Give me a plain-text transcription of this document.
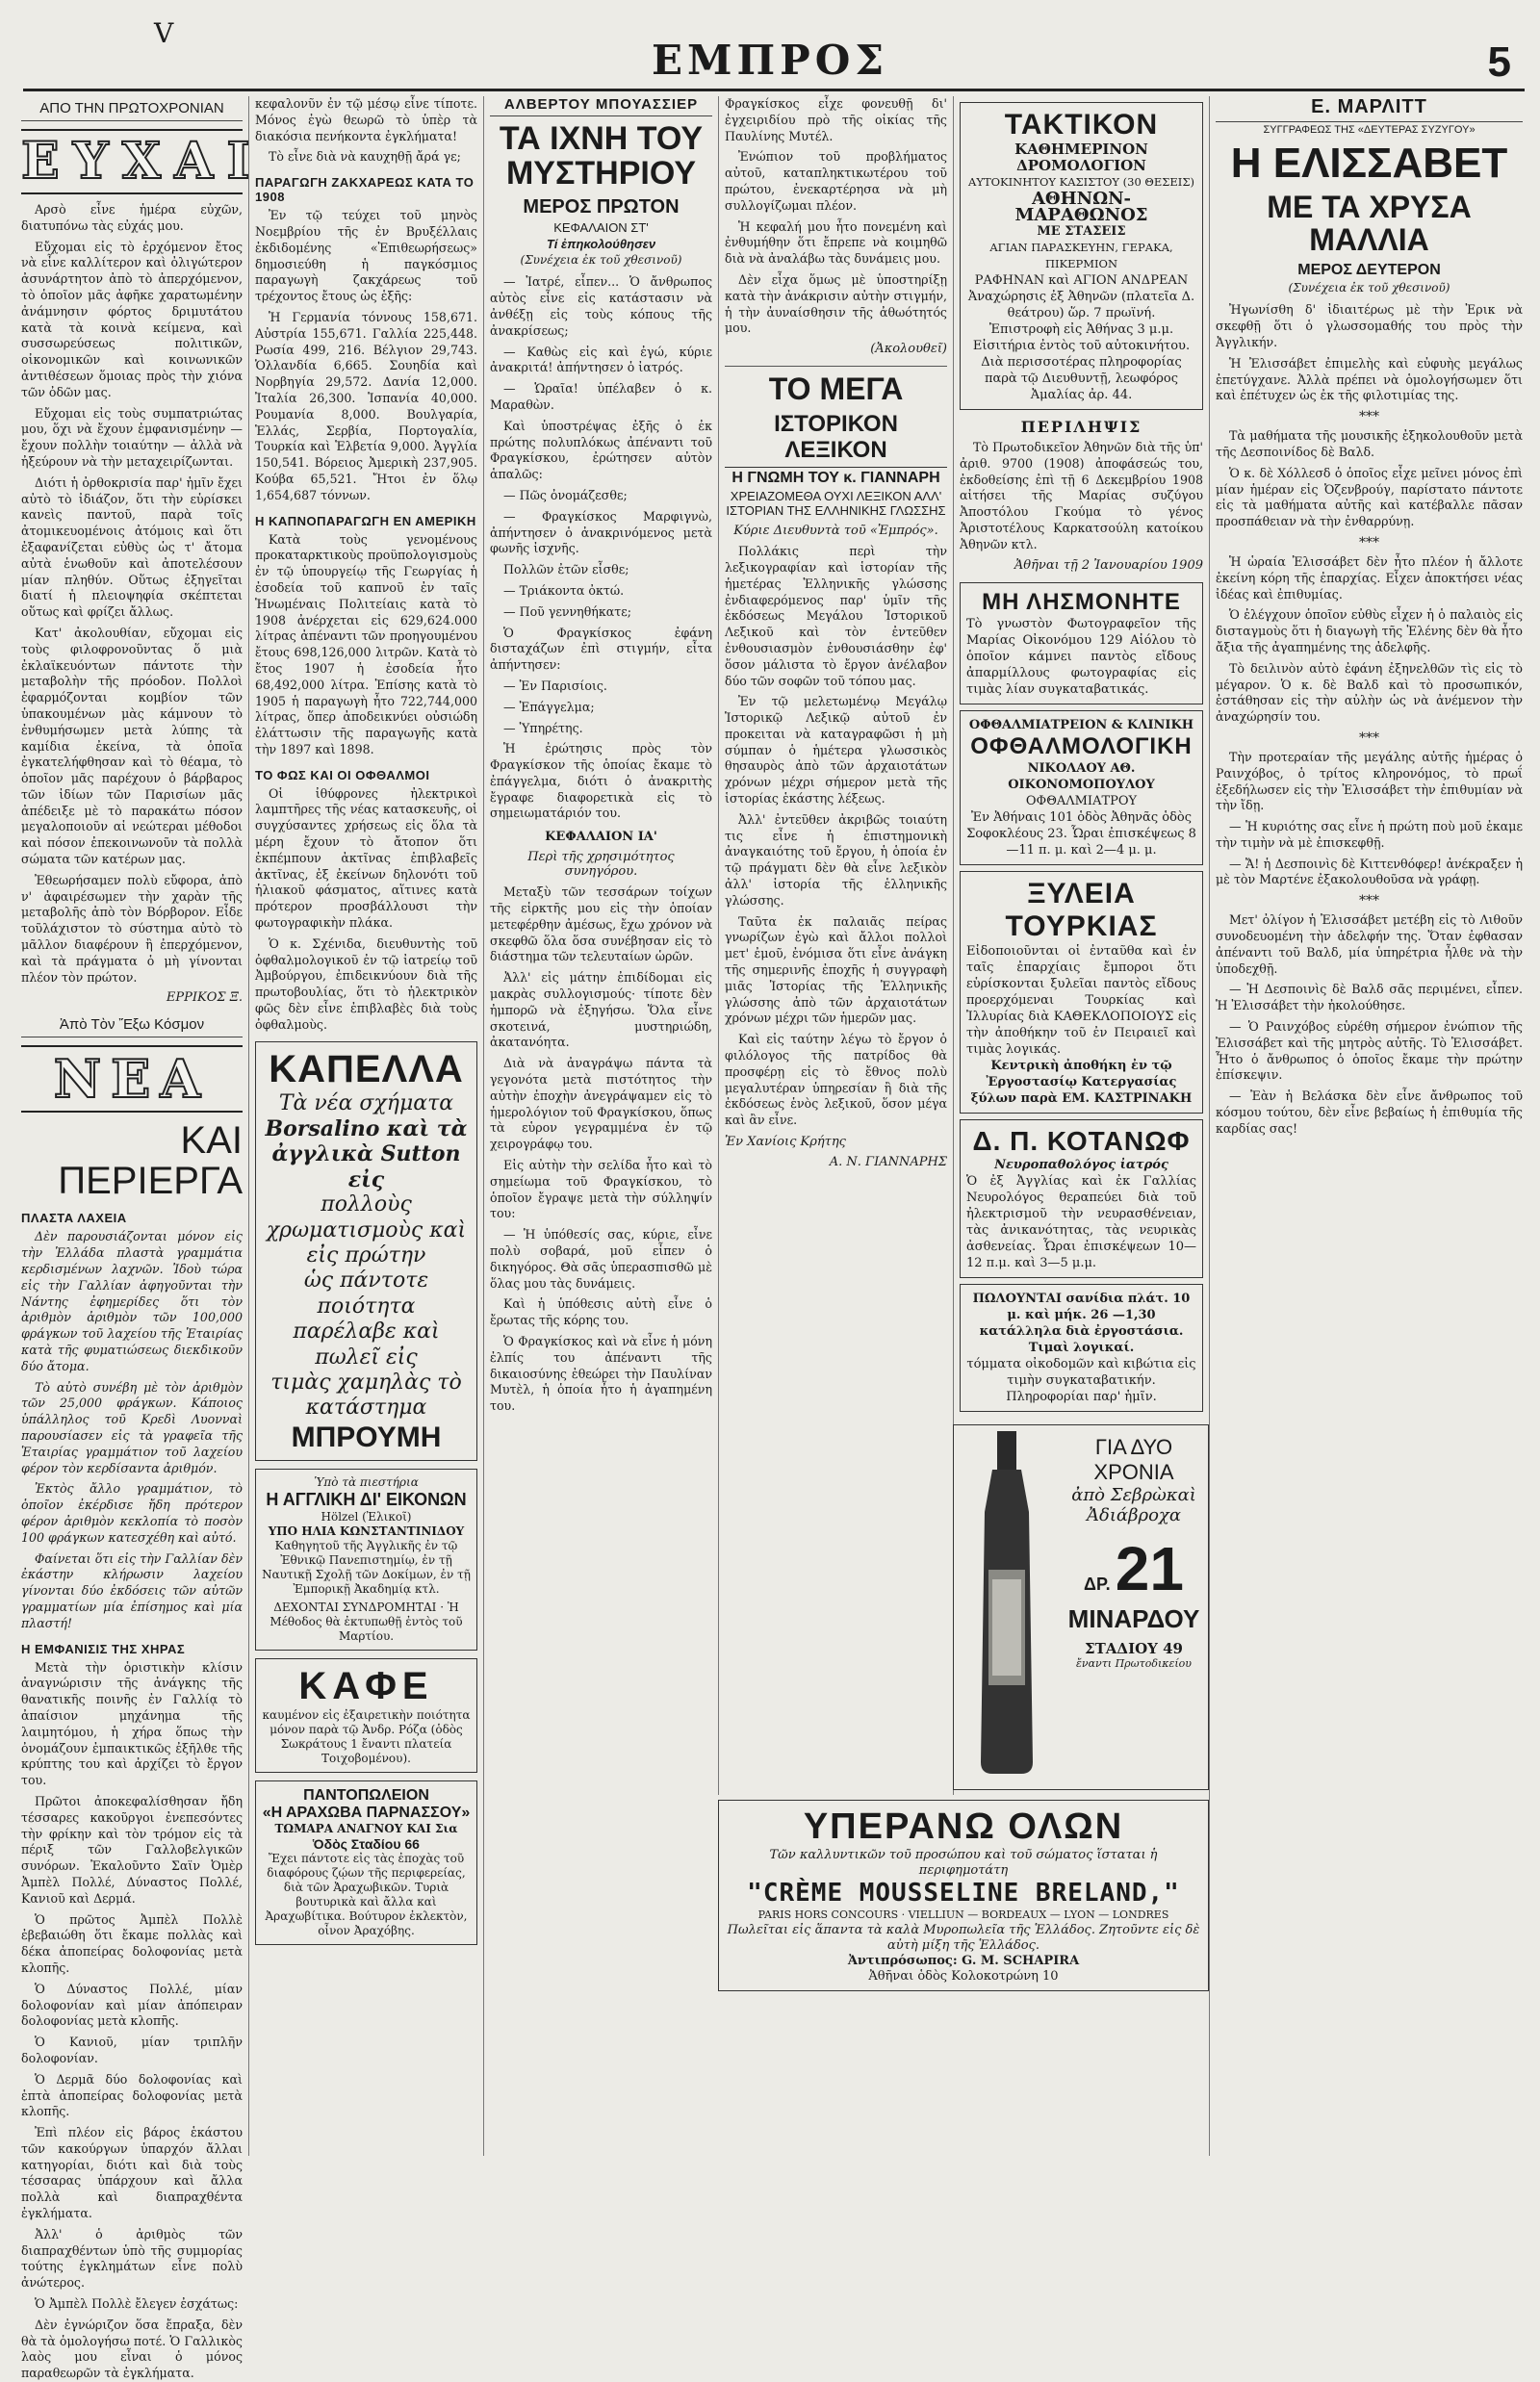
V
ΕΜΠΡΟΣ	5
ΑΠΟ ΤΗΝ ΠΡΩΤΟΧΡΟΝΙΑΝ
ΕΥΧΑΙ

Αρσὸ εἶνε ἡμέρα εὐχῶν, διατυπόνω τὰς εὐχάς μου.

Εὔχομαι εἰς τὸ ἐρχόμενον ἔτος νὰ εἶνε καλλίτερον καὶ ὀλιγώτερον ἀσυνάρτητον ἀπὸ τὸ ἀπερχόμενον, τὸ ὁποῖον μᾶς ἀφῆκε χαρατωμένην ἀνάμνησιν φόρτος δριμυτάτου κατὰ τὰ κοινὰ κείμενα, καὶ συσσωρεύσεως πολιτικῶν, οἰκονομικῶν καὶ κοινωνικῶν ἀντιθέσεων ὅμοιας πρὸς τὴν χιόνα τῶν ὀδῶν μας.

Εὔχομαι εἰς τοὺς συμπατριώτας μου, ὅχι νὰ ἔχουν ἐμφανισμένην — ἔχουν πολλὴν τοιαύτην — ἀλλὰ νὰ ἠξεύρουν νὰ τὴν μεταχειρίζωνται.

Διότι ἡ ὀρθοκρισία παρ' ἡμῖν ἔχει αὐτὸ τὸ ἰδιάζον, ὅτι τὴν εὑρίσκει κανεὶς παντοῦ, παρὰ τοῖς ἀτομικευομένοις ἀτόμοις καὶ ὅτι ἐξαφανίζεται εὐθὺς ὡς τ' ἄτομα αὐτὰ ἑνωθοῦν καὶ ἀποτελέσουν μίαν πληθύν. Οὕτως ἐξηγεῖται διατί ἡ πλειοψηφία σκέπτεται οὕτως καὶ φρίζει ἄλλως.

Κατ' ἀκολουθίαν, εὔχομαι εἰς τοὺς φιλοφρονοῦντας ὅ μιὰ ἐκλαϊκευόντων πάντοτε τὴν μεταβολὴν τῆς πρόοδον. Πολλοὶ ἐφαρμόζονται κομβίον τῶν ὑπακουμένων μὰς κάμνουν τὸ ἐνθυμήσωμεν μετὰ λύπης τὰ καμίδια ἐκείνα, τὰ ὁποῖα ἐγκατελήφθησαν καὶ τὸ θέαμα, τὸ ὁποῖον μᾶς παρέχουν ὁ βάρβαρος τῶν ἰδίων τῶν Παρισίων μᾶς ἀπέδειξε μὲ τὸ παρακάτω πόσον μεγαλοποιοῦν αἱ νεώτεραι μέθοδοι καὶ πόσον ἐπεκοινωνοῦν τὰ πολλὰ σώματα τῶν κατέρων μας.

Ἐθεωρήσαμεν πολὺ εὔφορα, ἀπὸ ν' ἀφαιρέσωμεν τὴν χαρὰν τῆς μεταβολῆς ἀπὸ τὸν Βόρβορον. Εἶδε τοῦλάχιστον τὸ σύστημα αὐτὸ τὸ μᾶλλον διαφέρουν ἢ ἐπερχόμενον, καὶ τὰ πράγματα ὁ μὴ γίνονται πλέον τὸν πρώτον.

ΕΡΡΙΚΟΣ Ξ.
Ἀπὸ Τὸν Ἔξω Κόσμον
ΝΕΑ
ΚΑΙ ΠΕΡΙΕΡΓΑ
ΠΛΑΣΤΑ ΛΑΧΕΙΑ

Δὲν παρουσιάζονται μόνον εἰς τὴν Ἑλλάδα πλαστὰ γραμμάτια κερδισμένων λαχνῶν. Ἰδοὺ τώρα εἰς τὴν Γαλλίαν ἀφηγοῦνται τὴν Νάντης ἐφημερίδες ὅτι τὸν ἀριθμὸν ἀριθμὸν τῶν 100,000 φράγκων τοῦ λαχείου τῆς Ἑταιρίας κατὰ τῆς φυματιώσεως διεκδικοῦν δύο ἄτομα.

Τὸ αὐτὸ συνέβη μὲ τὸν ἀριθμὸν τῶν 25,000 φράγκων. Κάποιος ὑπάλληλος τοῦ Κρεδὶ Λυονναὶ παρουσίασεν εἰς τὰ γραφεῖα τῆς Ἑταιρίας γραμμάτιον τοῦ λαχείου φέρον τὸν κερδίσαντα ἀριθμόν.

Ἐκτὸς ἄλλο γραμμάτιον, τὸ ὁποῖον ἐκέρδισε ἤδη πρότερον φέρον ἀριθμὸν κεκλοπία τὸ ποσὸν 100 φράγκων κατεσχέθη καὶ αὐτό.

Φαίνεται ὅτι εἰς τὴν Γαλλίαν δὲν ἐκάστην κλήρωσιν λαχείου γίνονται δύο ἐκδόσεις τῶν αὐτῶν γραμματίων μία ἐπίσημος καὶ μία πλαστή!

Η ΕΜΦΑΝΙΣΙΣ ΤΗΣ ΧΗΡΑΣ

Μετὰ τὴν ὁριστικὴν κλίσιν ἀναγνώρισιν τῆς ἀνάγκης τῆς θανατικῆς ποινῆς ἐν Γαλλίᾳ τὸ ἀπαίσιον μηχάνημα τῆς λαιμητόμου, ἡ χήρα ὅπως τὴν ὀνομάζουν ἐμπαικτικῶς ἐξῆλθε τῆς κρύπτης του καὶ ἀρχίζει τὸ ἔργον του.

Πρῶτοι ἀποκεφαλίσθησαν ἤδη τέσσαρες κακοῦργοι ἐνεπεσόντες τὴν φρίκην καὶ τὸν τρόμον εἰς τὰ πέριξ τῶν Γαλλοβελγικῶν συνόρων. Ἐκαλοῦντο Σαϊν Ὀμὲρ Ἀμπὲλ Πολλέ, Δύναστος Πολλέ, Κανιοῦ καὶ Δερμά.

Ὁ πρῶτος Ἀμπὲλ Πολλὲ ἐβεβαιώθη ὅτι ἔκαμε πολλὰς καὶ δέκα ἀποπείρας δολοφονίας μετὰ κλοπῆς.

Ὁ Δύναστος Πολλέ, μίαν δολοφονίαν καὶ μίαν ἀπόπειραν δολοφονίας μετὰ κλοπῆς.

Ὁ Κανιοῦ, μίαν τριπλῆν δολοφονίαν.

Ὁ Δερμᾶ δύο δολοφονίας καὶ ἑπτὰ ἀποπείρας δολοφονίας μετὰ κλοπῆς.

Ἐπὶ πλέον εἰς βάρος ἑκάστου τῶν κακούργων ὑπαρχόν ἄλλαι κατηγορίαι, διότι καὶ διὰ τοὺς τέσσαρας ὑπάρχουν καὶ ἄλλα πολλὰ καὶ διαπραχθέντα ἐγκλήματα.

Ἀλλ' ὁ ἀριθμὸς τῶν διαπραχθέντων ὑπὸ τῆς συμμορίας τούτης ἐγκλημάτων εἶνε πολὺ ἀνώτερος.

Ὁ Ἀμπὲλ Πολλὲ ἔλεγεν ἐσχάτως:

Δὲν ἐγνώριζον ὅσα ἔπραξα, δὲν θὰ τὰ ὁμολογήσω ποτέ. Ὁ Γαλλικὸς λαὸς μου εἶναι ὁ μόνος παραθεωρῶν τὰ ἐγκλήματα.

κεφαλονῦν ἐν τῷ μέσῳ εἶνε τίποτε. Μόνος ἐγὼ θεωρῶ τὸ ὑπὲρ τὰ διακόσια πενήκοντα ἐγκλήματα!

Τὸ εἶνε διὰ νὰ καυχηθῇ ἄρά γε;

ΠΑΡΑΓΩΓΗ ΖΑΚΧΑΡΕΩΣ ΚΑΤΑ ΤΟ 1908

Ἐν τῷ τεύχει τοῦ μηνὸς Νοεμβρίου τῆς ἐν Βρυξέλλαις ἐκδιδομένης «Ἐπιθεωρήσεως» δημοσιεύθη ἡ παγκόσμιος παραγωγὴ ζακχάρεως τοῦ τρέχοντος ἔτους ὡς ἑξῆς:

Ἡ Γερμανία τόννους 158,671. Αὐστρία 155,671. Γαλλία 225,448. Ρωσία 499, 216. Βέλγιον 29,743. Ὁλλανδία 6,665. Σουηδία καὶ Νορβηγία 29,572. Δανία 12,000. Ἰταλία 26,300. Ἱσπανία 40,000. Ρουμανία 8,000. Βουλγαρία, Ἑλλάς, Σερβία, Πορτογαλία, Τουρκία καὶ Ἑλβετία 9,000. Ἀγγλία 150,541. Βόρειος Ἀμερικὴ 237,905. Κούβα 65,521. Ἤτοι ἐν ὅλῳ 1,654,687 τόννων.

Η ΚΑΠΝΟΠΑΡΑΓΩΓΗ ΕΝ ΑΜΕΡΙΚΗ

Κατὰ τοὺς γενομένους προκαταρκτικοὺς προϋπολογισμοὺς ἐν τῷ ὑπουργείῳ τῆς Γεωργίας ἡ ἐσοδεία τοῦ καπνοῦ ἐν ταῖς Ἡνωμέναις Πολιτείαις κατὰ τὸ 1908 ἀνέρχεται εἰς 629,624.000 λίτρας ἀπέναντι τῶν προηγουμένου ἔτους 698,126,000 λιτρῶν. Κατὰ τὸ ἔτος 1907 ἡ ἐσοδεία ἦτο 68,492,000 λίτρα. Ἐπίσης κατὰ τὸ 1905 ἡ παραγωγὴ ἦτο 722,744,000 λίτρας, ὅπερ ἀποδεικνύει οὐσιώδη ἐλάττωσιν τῆς παραγωγῆς κατὰ τὴν 1897 καὶ 1898.

ΤΟ ΦΩΣ ΚΑΙ ΟΙ ΟΦΘΑΛΜΟΙ

Οἱ ἰθύφρονες ἠλεκτρικοὶ λαμπτῆρες τῆς νέας κατασκευῆς, οἱ συγχύσαντες χρήσεως εἰς ὅλα τὰ μέρη ἔχουν τὸ ἄτοπον ὅτι ἐκπέμπουν ἀκτῖνας ἐπιβλαβεῖς ἀκτῖνας, ἐξ ἐκείνων δηλονότι τοῦ ἡλιακοῦ φάσματος, αἵτινες κατὰ πρότερον προσβάλλουσι τὴν φωτογραφικὴν πλάκα.

Ὁ κ. Σχένιδα, διευθυντὴς τοῦ ὀφθαλμολογικοῦ ἐν τῷ ἰατρείῳ τοῦ Ἀμβούργου, ἐπιδεικνύουν διὰ τῆς πρωτοβουλίας, ὅτι τὸ ἡλεκτρικὸν φῶς δὲν εἶνε ἐπιβλαβὲς διὰ τοὺς ὀφθαλμοὺς.

ΚΑΠΕΛΛΑ
Τὰ νέα σχήματα
Borsalino καὶ τὰ
ἀγγλικὰ Sutton εἰς
πολλοὺς χρωματισμοὺς καὶ εἰς πρώτην
ὡς πάντοτε ποιότητα
παρέλαβε καὶ πωλεῖ εἰς
τιμὰς χαμηλὰς τὸ κατάστημα
ΜΠΡΟΥΜΗ
Ὑπὸ τὰ πιεστήρια
Η ΑΓΓΛΙΚΗ ΔΙ' ΕΙΚΟΝΩΝ
Hölzel (Ἐλικοῖ)
ΥΠΟ ΗΛΙΑ ΚΩΝΣΤΑΝΤΙΝΙΔΟΥ
Καθηγητοῦ τῆς Ἀγγλικῆς ἐν τῷ Ἐθνικῷ Πανεπιστημίῳ, ἐν τῇ Ναυτικῇ Σχολῇ τῶν Δοκίμων, ἐν τῇ Ἐμπορικῇ Ἀκαδημίᾳ κτλ.
ΔΕΧΟΝΤΑΙ ΣΥΝΔΡΟΜΗΤΑΙ · Ἡ Μέθοδος θὰ ἐκτυπωθῇ ἐντὸς τοῦ Μαρτίου.
ΚΑΦΕ
καυμένον εἰς ἐξαιρετικὴν ποιότητα μόνον παρὰ τῷ Ἀνδρ. Ρόζα (ὁδὸς Σωκράτους 1 ἔναντι πλατεία Τοιχοβομένου).
ΠΑΝΤΟΠΩΛΕΙΟΝ
«Η ΑΡΑΧΩΒΑ ΠΑΡΝΑΣΣΟΥ»
ΤΩΜΑΡΑ ΑΝΑΓΝΟΥ ΚΑΙ Σια
Ὁδὸς Σταδίου 66
Ἔχει πάντοτε εἰς τὰς ἐποχὰς τοῦ διαφόρους ζῴων τῆς περιφερείας, διὰ τῶν Ἀραχωβικῶν. Τυριὰ βουτυρικὰ καὶ ἄλλα καὶ Ἀραχωβίτικα. Βούτυρον ἐκλεκτὸν, οἶνον Ἀραχόβης.
ΑΛΒΕΡΤΟΥ ΜΠΟΥΑΣΣΙΕΡ
ΤΑ ΙΧΝΗ ΤΟΥ ΜΥΣΤΗΡΙΟΥ
ΜΕΡΟΣ ΠΡΩΤΟΝ
ΚΕΦΑΛΑΙΟΝ ΣΤ'
Τί ἐπηκολούθησεν
(Συνέχεια ἐκ τοῦ χθεσινοῦ)

— Ἰατρέ, εἶπεν... Ὁ ἄνθρωπος αὐτὸς εἶνε εἰς κατάστασιν νὰ ἀνθέξῃ εἰς τοὺς κόπους τῆς ἀνακρίσεως;

— Καθὼς εἰς καὶ ἐγώ, κύριε ἀνακριτά! ἀπήντησεν ὁ ἰατρός.

— Ὡραῖα! ὑπέλαβεν ὁ κ. Μαραθὼν.

Καὶ ὑποστρέψας ἐξῆς ὁ ἐκ πρώτης πολυπλόκως ἀπέναντι τοῦ Φραγκίσκου, ἐρώτησεν αὐτὸν ἁπαλῶς:

— Πῶς ὀνομάζεσθε;

— Φραγκίσκος Μαρφιγνὼ, ἀπήντησεν ὁ ἀνακρινόμενος μετὰ φωνῆς ἰσχνῆς.

Πολλῶν ἐτῶν εἶσθε;

— Τριάκοντα ὀκτώ.

— Ποῦ γεννηθήκατε;

Ὁ Φραγκίσκος ἐφάνη δισταχάζων ἐπὶ στιγμήν, εἶτα ἀπήντησεν:

— Ἐν Παρισίοις.

— Ἐπάγγελμα;

— Ὑπηρέτης.

Ἡ ἐρώτησις πρὸς τὸν Φραγκίσκον τῆς ὁποίας ἔκαμε τὸ ἐπάγγελμα, διότι ὁ ἀνακριτὴς ἔγραφε διαφορετικὰ εἰς τὸ σημειωματάριόν του.

ΚΕΦΑΛΑΙΟΝ ΙΑ'
Περὶ τῆς χρησιμότητος συνηγόρου.

Μεταξὺ τῶν τεσσάρων τοίχων τῆς εἱρκτῆς μου εἰς τὴν ὁποίαν μετεφέρθην ἀμέσως, ἔχω χρόνον νὰ σκεφθῶ ὅλα ὅσα συνέβησαν εἰς τὸ διάστημα τῶν τελευταίων ὡρῶν.

Ἀλλ' εἰς μάτην ἐπιδίδομαι εἰς μακρὰς συλλογισμούς· τίποτε δὲν ἠμπορῶ νὰ ἐξηγήσω. Ὅλα εἶνε σκοτεινά, μυστηριώδη, ἀκατανόητα.

Διὰ νὰ ἀναγράψω πάντα τὰ γεγονότα μετὰ πιστότητος τὴν αὐτὴν ἐποχὴν ἀνεγράψαμεν εἰς τὸ ἡμερολόγιον τοῦ Φραγκίσκου, ὅπως τὰ εὑρον γεγραμμένα ἐν τῷ χειρογράφῳ του.

Εἰς αὐτὴν τὴν σελίδα ἦτο καὶ τὸ σημείωμα τοῦ Φραγκίσκου, τὸ ὁποῖον ἔγραψε μετὰ τὴν σύλληψίν του:

— Ἡ ὑπόθεσίς σας, κύριε, εἶνε πολὺ σοβαρά, μοῦ εἶπεν ὁ δικηγόρος. Θὰ σᾶς ὑπερασπισθῶ μὲ ὅλας μου τὰς δυνάμεις.

Καὶ ἡ ὑπόθεσις αὐτὴ εἶνε ὁ ἔρωτας τῆς κόρης του.

Ὁ Φραγκίσκος καὶ νὰ εἶνε ἡ μόνη ἐλπίς του ἀπέναντι τῆς δικαιοσύνης ἐθεώρει τὴν Παυλίναν Μυτὲλ, ἡ ὁποία ἦτο ἡ ἀγαπημένη του.

Φραγκίσκος εἶχε φονευθῇ δι' ἐγχειριδίου πρὸ τῆς οἰκίας τῆς Παυλίνης Μυτέλ.

Ἐνώπιον τοῦ προβλήματος αὐτοῦ, καταπληκτικωτέρου τοῦ πρώτου, ἐνεκαρτέρησα νὰ μὴ συλλογίζωμαι πλέον.

Ἡ κεφαλή μου ἦτο πονεμένη καὶ ἐνθυμήθην ὅτι ἔπρεπε νὰ κοιμηθῶ διὰ νὰ ἀναλάβω τὰς δυνάμεις μου.

Δὲν εἶχα ὅμως μὲ ὑποστηρίξῃ κατὰ τὴν ἀνάκρισιν αὐτὴν στιγμήν, ἡ τὴν ἀυναίσθησιν τῆς ἀθωότητός μου.

(Ἀκολουθεῖ)
ΤΟ ΜΕΓΑ
ΙΣΤΟΡΙΚΟΝ ΛΕΞΙΚΟΝ
Η ΓΝΩΜΗ ΤΟΥ κ. ΓΙΑΝΝΑΡΗ
ΧΡΕΙΑΖΟΜΕΘΑ ΟΥΧΙ ΛΕΞΙΚΟΝ ΑΛΛ' ΙΣΤΟΡΙΑΝ ΤΗΣ ΕΛΛΗΝΙΚΗΣ ΓΛΩΣΣΗΣ
Κύριε Διευθυντὰ τοῦ «Ἐμπρός».

Πολλάκις περὶ τὴν λεξικογραφίαν καὶ ἱστορίαν τῆς ἡμετέρας Ἑλληνικῆς γλώσσης ἐνδιαφερόμενος παρ' ὑμῖν τῆς ἐκδόσεως Μεγάλου Ἱστορικοῦ Λεξικοῦ καὶ τὸν ἐντεῦθεν ἐνθουσιασμὸν ἐνθουσιάσθην ἐφ' ὅσον μάλιστα τὸ ἔργον ἀνέλαβον δύο τῶν σοφῶν τοῦ τόπου μας.

Ἐν τῷ μελετωμένῳ Μεγάλῳ Ἱστορικῷ Λεξικῷ αὐτοῦ ἐν προκειται νὰ καταγραφῶσι ἡ μὴ σύμπαν ὁ ἡμέτερα γλωσσικὸς θησαυρὸς ἀπὸ τῶν ἀρχαιοτάτων χρόνων μέχρι σήμερον μετὰ τῆς ἱστορίας ἑκάστης λέξεως.

Ἀλλ' ἐντεῦθεν ἀκριβῶς τοιαύτη τις εἶνε ἡ ἐπιστημονικὴ ἀναγκαιότης τοῦ ἔργου, ἡ ὁποία ἐν τῷ πράγματι δὲν θὰ εἶνε λεξικὸν ἀλλ' ἱστορία τῆς ἑλληνικῆς γλώσσης.

Ταῦτα ἐκ παλαιᾶς πείρας γνωρίζων ἐγὼ καὶ ἄλλοι πολλοὶ μετ' ἐμοῦ, ἐνόμισα ὅτι εἶνε ἀνάγκη τῆς σημερινῆς ἐποχῆς ἡ συγγραφὴ μιᾶς Ἱστορίας τῆς Ἑλληνικῆς γλώσσης ἀπὸ τῶν ἀρχαιοτάτων χρόνων μέχρι τῶν ἡμερῶν μας.

Καὶ εἰς ταύτην λέγω τὸ ἔργον ὁ φιλόλογος τῆς πατρίδος θὰ προσφέρῃ εἰς τὸ ἔθνος πολὺ μεγαλυτέραν ὑπηρεσίαν ἢ διὰ τῆς ἐκδόσεως ἑνὸς λεξικοῦ, ὅσον μέγα καὶ ἂν εἶνε.

Ἐν Χανίοις Κρήτης
Α. Ν. ΓΙΑΝΝΑΡΗΣ
ΤΑΚΤΙΚΟΝ
ΚΑΘΗΜΕΡΙΝΟΝ ΔΡΟΜΟΛΟΓΙΟΝ
ΑΥΤΟΚΙΝΗΤΟΥ ΚΑΣΙΣΤΟΥ (30 ΘΕΣΕΙΣ)
ΑΘΗΝΩΝ-ΜΑΡΑΘΩΝΟΣ
ΜΕ ΣΤΑΣΕΙΣ
ΑΓΙΑΝ ΠΑΡΑΣΚΕΥΗΝ, ΓΕΡΑΚΑ, ΠΙΚΕΡΜΙΟΝ
ΡΑΦΗΝΑΝ καὶ ΑΓΙΟΝ ΑΝΔΡΕΑΝ
Ἀναχώρησις ἐξ Ἀθηνῶν (πλατεῖα Δ. θεάτρου) ὥρ. 7 πρωϊνή.
Ἐπιστροφὴ εἰς Ἀθήνας 3 μ.μ.
Εἰσιτήρια ἐντὸς τοῦ αὐτοκινήτου.
Διὰ περισσοτέρας πληροφορίας παρὰ τῷ Διευθυντῇ, λεωφόρος Ἀμαλίας ἀρ. 44.
ΠΕΡΙΛΗΨΙΣ

Τὸ Πρωτοδικεῖον Ἀθηνῶν διὰ τῆς ὑπ' ἀριθ. 9700 (1908) ἀποφάσεώς του, ἐκδοθείσης ἐπὶ τῇ 6 Δεκεμβρίου 1908 αἰτήσει τῆς Μαρίας συζύγου Ἀποστόλου Γκούμα τὸ γένος Ἀριστοτέλους Καρκατσούλη κατοίκου Ἀθηνῶν κτλ.

Ἀθῆναι τῇ 2 Ἰανουαρίου 1909
ΜΗ ΛΗΣΜΟΝΗΤΕ
Τὸ γνωστὸν Φωτογραφεῖον τῆς Μαρίας Οἰκονόμου 129 Αἰόλου τὸ ὁποῖον κάμνει παντὸς εἴδους ἀπαρμίλλους φωτογραφίας εἰς τιμὰς λίαν συγκαταβατικάς.
ΟΦΘΑΛΜΙΑΤΡΕΙΟΝ & ΚΛΙΝΙΚΗ
ΟΦΘΑΛΜΟΛΟΓΙΚΗ
ΝΙΚΟΛΑΟΥ ΑΘ. ΟΙΚΟΝΟΜΟΠΟΥΛΟΥ
ΟΦΘΑΛΜΙΑΤΡΟΥ
Ἐν Ἀθήναις 101 ὁδὸς Ἀθηνᾶς ὁδὸς Σοφοκλέους 23. Ὧραι ἐπισκέψεως 8—11 π. μ. καὶ 2—4 μ. μ.
ΞΥΛΕΙΑ ΤΟΥΡΚΙΑΣ
Εἰδοποιοῦνται οἱ ἐνταῦθα καὶ ἐν ταῖς ἐπαρχίαις ἔμποροι ὅτι εὑρίσκονται ξυλεῖαι παντὸς εἴδους προερχόμεναι Τουρκίας καὶ Ἰλλυρίας διὰ ΚΑΘΕΚΛΟΠΟΙΟΥΣ εἰς τὴν ἀποθήκην τοῦ ἐν Πειραιεῖ καὶ τιμὰς λογικάς.
Κεντρικὴ ἀποθήκη ἐν τῷ Ἐργοστασίῳ Κατεργασίας ξύλων παρὰ ΕΜ. ΚΑΣΤΡΙΝΑΚΗ
Δ. Π. ΚΟΤΑΝΩΦ
Νευροπαθολόγος ἰατρός
Ὁ ἐξ Ἀγγλίας καὶ ἐκ Γαλλίας Νευρολόγος θεραπεύει διὰ τοῦ ἠλεκτρισμοῦ τὴν νευρασθένειαν, τὰς ἀνικανότητας, τὰς νευρικὰς ἀσθενείας. Ὧραι ἐπισκέψεων 10—12 π.μ. καὶ 3—5 μ.μ.
ΠΩΛΟΥΝΤΑΙ σανίδια πλάτ. 10 μ. καὶ μήκ. 26 —1,30 κατάλληλα διὰ ἐργοστάσια. Τιμαὶ λογικαί.
τόμματα οἰκοδομῶν καὶ κιβώτια εἰς τιμὴν συγκαταβατικήν. Πληροφορίαι παρ' ἡμῖν.
Ε. ΜΑΡΛΙΤΤ
ΣΥΓΓΡΑΦΕΩΣ ΤΗΣ «ΔΕΥΤΕΡΑΣ ΣΥΖΥΓΟΥ»
Η ΕΛΙΣΣΑΒΕΤ
ΜΕ ΤΑ ΧΡΥΣΑ ΜΑΛΛΙΑ
ΜΕΡΟΣ ΔΕΥΤΕΡΟΝ
(Συνέχεια ἐκ τοῦ χθεσινοῦ)

Ἠγωνίσθη δ' ἰδιαιτέρως μὲ τὴν Ἐρικ νὰ σκεφθῇ ὅτι ὁ γλωσσομαθής του πρὸς τὴν Ἀγγλικήν.

Ἡ Ἐλισσάβετ ἐπιμελὴς καὶ εὐφυὴς μεγάλως ἐπετύγχανε. Ἀλλὰ πρέπει νὰ ὁμολογήσωμεν ὅτι καὶ ἐπέτυχεν ὡς ἐκ τῆς φιλοτιμίας της.

***

Τὰ μαθήματα τῆς μουσικῆς ἐξηκολουθοῦν μετὰ τῆς Δεσποινίδος δὲ Βαλδ.

Ὁ κ. δὲ Χόλλεσδ ὁ ὁποῖος εἶχε μεῖνει μόνος ἐπὶ μίαν ἡμέραν εἰς Ὀζενβρούγ, παρίστατο πάντοτε εἰς τὰ μαθήματα αὐτῆς καὶ κατέβαλλε πᾶσαν προσπάθειαν νὰ τὴν ἐνθαρρύνῃ.

***

Ἡ ὡραία Ἐλισσάβετ δὲν ἦτο πλέον ἡ ἄλλοτε ἐκείνη κόρη τῆς ἐπαρχίας. Εἶχεν ἀποκτήσει νέας ἰδέας καὶ ἐπιθυμίας.

Ὁ ἐλέγχουν ὁποῖον εὐθὺς εἶχεν ἡ ὁ παλαιὸς εἰς δισταγμοὺς ὅτι ἡ διαγωγὴ τῆς Ἐλένης δὲν θὰ ἦτο ἄξια τῆς ἀγαπημένης της ἀδελφῆς.

Τὸ δειλινὸν αὐτὸ ἐφάνη ἐξηνελθῶν τὶς εἰς τὸ μέγαρον. Ὁ κ. δὲ Βαλδ καὶ τὸ προσωπικόν, ἐστάθησαν εἰς τὴν αὐλὴν ὡς νὰ ἀνέμενον τὴν ἀναχώρησίν του.

***

Τὴν προτεραίαν τῆς μεγάλης αὐτῆς ἡμέρας ὁ Ραινχόβος, ὁ τρίτος κληρονόμος, τὸ πρωΐ ἐξεδήλωσεν εἰς τὴν Ἐλισσάβετ τὴν ἐπιθυμίαν νὰ τὴν ἴδῃ.

— Ἡ κυριότης σας εἶνε ἡ πρώτη ποὺ μοῦ ἐκαμε τὴν τιμὴν νὰ μὲ ἐπισκεφθῇ.

— Ἄ! ἡ Δεσποινὶς δὲ Κιττενθόφερ! ἀνέκραξεν ἡ μὲ τὸν Μαρτένε ἐξακολουθοῦσα νὰ γράφῃ.

***

Μετ' ὀλίγον ἡ Ἐλισσάβετ μετέβη εἰς τὸ Λιθοῦν συνοδευομένη τὴν ἀδελφήν της. Ὅταν ἐφθασαν ἀπέναντι τοῦ Βαλδ, μία ὑπηρέτρια ἦλθε νὰ τὴν ὑποδεχθῇ.

— Ἡ Δεσποινὶς δὲ Βαλδ σᾶς περιμένει, εἶπεν. Ἡ Ἐλισσάβετ τὴν ἠκολούθησε.

— Ὁ Ραινχόβος εὑρέθη σήμερον ἐνώπιον τῆς Ἐλισσάβετ καὶ τῆς μητρὸς αὐτῆς. Τὸ Ἐλισσάβετ. Ἦτο ὁ ἄνθρωπος ὁ ὁποῖος ἔκαμε τὴν πρώτην ἐπίσκεψιν.

— Ἐὰν ἡ Βελάσκα δὲν εἶνε ἄνθρωπος τοῦ κόσμου τούτου, δὲν εἶνε βεβαίως ἡ ἐπιθυμία τῆς καρδίας σας!

ΓΙΑ ΔΥΟ
ΧΡΟΝΙΑ
ἀπὸ Σεβρὼκαὶ
Ἀδιάβροχα
ΔΡ. 21
ΜΙΝΑΡΔΟΥ
ΣΤΑΔΙΟΥ 49
ἔναντι Πρωτοδικείου
ΥΠΕΡΑΝΩ ΟΛΩΝ
Τῶν καλλυντικῶν τοῦ προσώπου καὶ τοῦ σώματος ἵσταται ἡ περιφημοτάτη
"CRÈME MOUSSELINE BRELAND,"
PARIS HORS CONCOURS · VIELLIUN — BORDEAUX — LYON — LONDRES
Πωλεῖται εἰς ἅπαντα τὰ καλὰ Μυροπωλεῖα τῆς Ἑλλάδος. Ζητοῦντε εἰς δὲ αὐτὴ μίξη τῆς Ἑλλάδος.
Ἀντιπρόσωπος: G. M. SCHAPIRA
Ἀθῆναι ὁδὸς Κολοκοτρώνη 10
